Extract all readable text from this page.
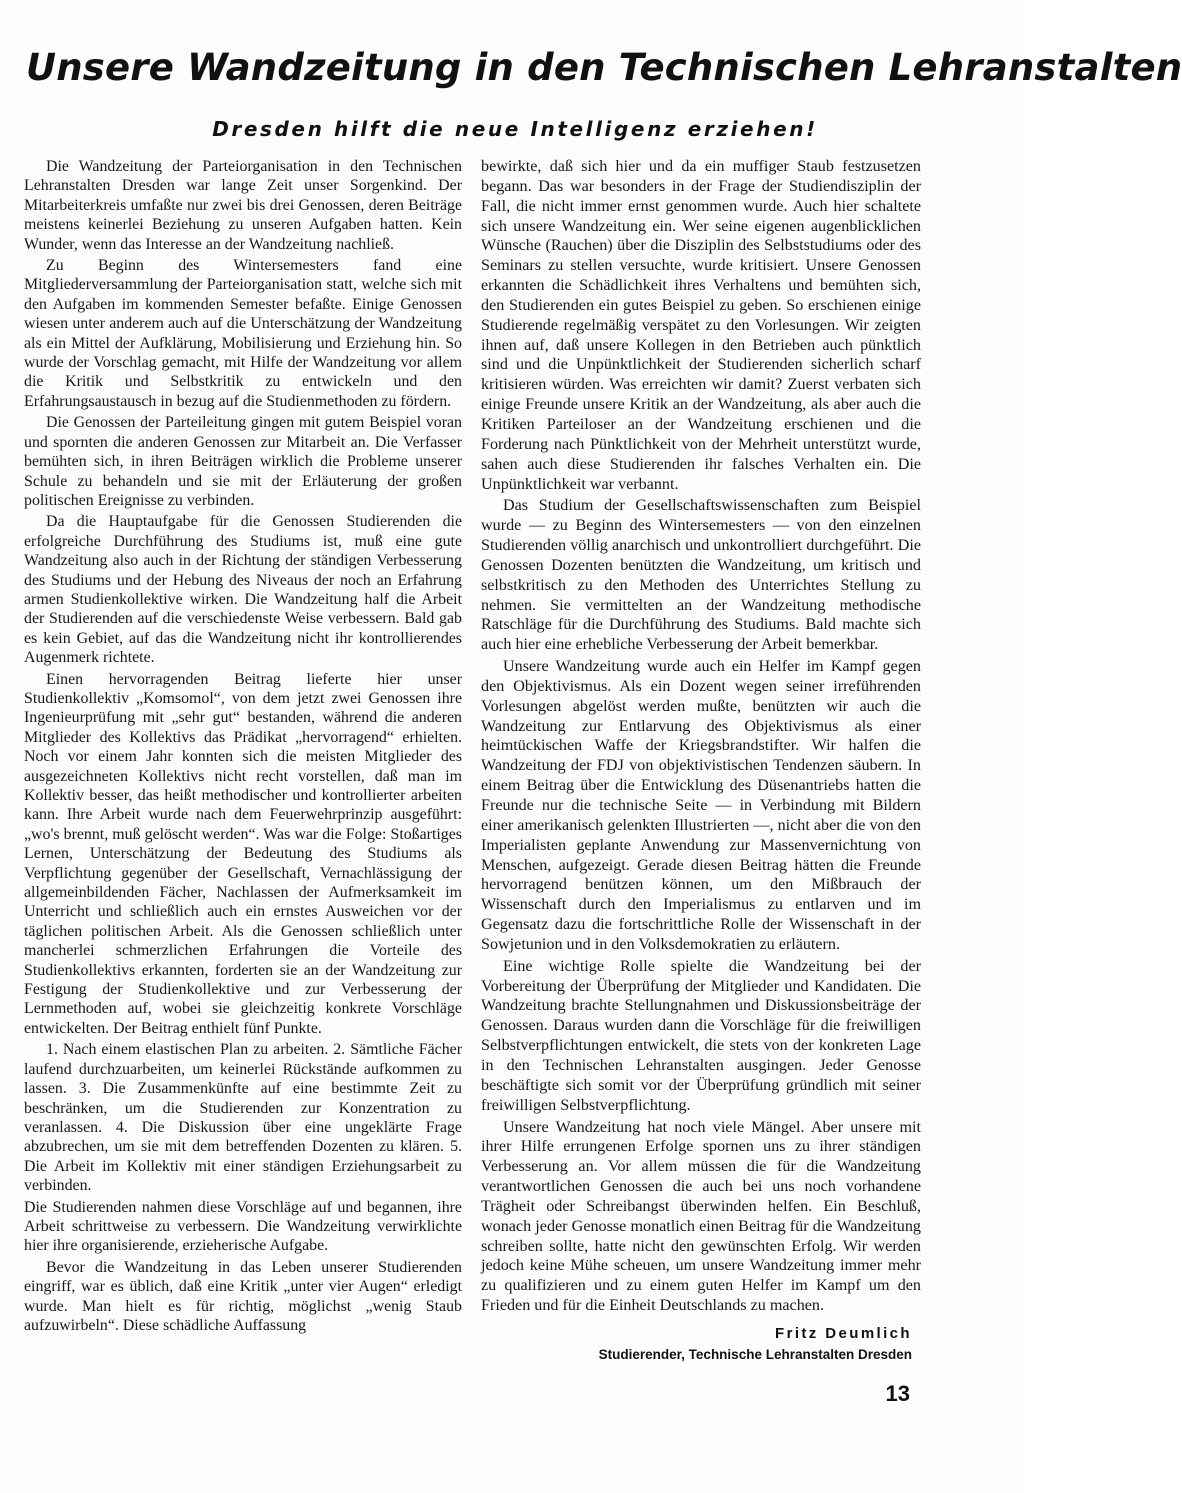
Unsere Wandzeitung in den Technischen Lehranstalten
Dresden hilft die neue Intelligenz erziehen!

Die Wandzeitung der Parteiorganisation in den Technischen Lehranstalten Dresden war lange Zeit unser Sorgenkind. Der Mitarbeiterkreis umfaßte nur zwei bis drei Genossen, deren Beiträge meistens keinerlei Beziehung zu unseren Aufgaben hatten. Kein Wunder, wenn das Interesse an der Wandzeitung nachließ.

Zu Beginn des Wintersemesters fand eine Mitgliederversammlung der Parteiorganisation statt, welche sich mit den Aufgaben im kommenden Semester befaßte. Einige Genossen wiesen unter anderem auch auf die Unterschätzung der Wandzeitung als ein Mittel der Aufklärung, Mobilisierung und Erziehung hin. So wurde der Vorschlag gemacht, mit Hilfe der Wandzeitung vor allem die Kritik und Selbstkritik zu entwickeln und den Erfahrungsaustausch in bezug auf die Studienmethoden zu fördern.

Die Genossen der Parteileitung gingen mit gutem Beispiel voran und spornten die anderen Genossen zur Mitarbeit an. Die Verfasser bemühten sich, in ihren Beiträgen wirklich die Probleme unserer Schule zu behandeln und sie mit der Erläuterung der großen politischen Ereignisse zu verbinden.

Da die Hauptaufgabe für die Genossen Studierenden die erfolgreiche Durchführung des Studiums ist, muß eine gute Wandzeitung also auch in der Richtung der ständigen Verbesserung des Studiums und der Hebung des Niveaus der noch an Erfahrung armen Studienkollektive wirken. Die Wandzeitung half die Arbeit der Studierenden auf die verschiedenste Weise verbessern. Bald gab es kein Gebiet, auf das die Wandzeitung nicht ihr kontrollierendes Augenmerk richtete.

Einen hervorragenden Beitrag lieferte hier unser Studienkollektiv „Komsomol“, von dem jetzt zwei Genossen ihre Ingenieurprüfung mit „sehr gut“ bestanden, während die anderen Mitglieder des Kollektivs das Prädikat „hervorragend“ erhielten. Noch vor einem Jahr konnten sich die meisten Mitglieder des ausgezeichneten Kollektivs nicht recht vorstellen, daß man im Kollektiv besser, das heißt methodischer und kontrollierter arbeiten kann. Ihre Arbeit wurde nach dem Feuerwehrprinzip ausgeführt: „wo's brennt, muß gelöscht werden“. Was war die Folge: Stoßartiges Lernen, Unterschätzung der Bedeutung des Studiums als Verpflichtung gegenüber der Gesellschaft, Vernachlässigung der allgemeinbildenden Fächer, Nachlassen der Aufmerksamkeit im Unterricht und schließlich auch ein ernstes Ausweichen vor der täglichen politischen Arbeit. Als die Genossen schließlich unter mancherlei schmerzlichen Erfahrungen die Vorteile des Studienkollektivs erkannten, forderten sie an der Wandzeitung zur Festigung der Studienkollektive und zur Verbesserung der Lernmethoden auf, wobei sie gleichzeitig konkrete Vorschläge entwickelten. Der Beitrag enthielt fünf Punkte.

1. Nach einem elastischen Plan zu arbeiten. 2. Sämtliche Fächer laufend durchzuarbeiten, um keinerlei Rückstände aufkommen zu lassen. 3. Die Zusammenkünfte auf eine bestimmte Zeit zu beschränken, um die Studierenden zur Konzentration zu veranlassen. 4. Die Diskussion über eine ungeklärte Frage abzubrechen, um sie mit dem betreffenden Dozenten zu klären. 5. Die Arbeit im Kollektiv mit einer ständigen Erziehungsarbeit zu verbinden.

Die Studierenden nahmen diese Vorschläge auf und begannen, ihre Arbeit schrittweise zu verbessern. Die Wandzeitung verwirklichte hier ihre organisierende, erzieherische Aufgabe.

Bevor die Wandzeitung in das Leben unserer Studierenden eingriff, war es üblich, daß eine Kritik „unter vier Augen“ erledigt wurde. Man hielt es für richtig, möglichst „wenig Staub aufzuwirbeln“. Diese schädliche Auffassung

bewirkte, daß sich hier und da ein muffiger Staub festzusetzen begann. Das war besonders in der Frage der Studiendisziplin der Fall, die nicht immer ernst genommen wurde. Auch hier schaltete sich unsere Wandzeitung ein. Wer seine eigenen augenblicklichen Wünsche (Rauchen) über die Disziplin des Selbststudiums oder des Seminars zu stellen versuchte, wurde kritisiert. Unsere Genossen erkannten die Schädlichkeit ihres Verhaltens und bemühten sich, den Studierenden ein gutes Beispiel zu geben. So erschienen einige Studierende regelmäßig verspätet zu den Vorlesungen. Wir zeigten ihnen auf, daß unsere Kollegen in den Betrieben auch pünktlich sind und die Unpünktlichkeit der Studierenden sicherlich scharf kritisieren würden. Was erreichten wir damit? Zuerst verbaten sich einige Freunde unsere Kritik an der Wandzeitung, als aber auch die Kritiken Parteiloser an der Wandzeitung erschienen und die Forderung nach Pünktlichkeit von der Mehrheit unterstützt wurde, sahen auch diese Studierenden ihr falsches Verhalten ein. Die Unpünktlichkeit war verbannt.

Das Studium der Gesellschaftswissenschaften zum Beispiel wurde — zu Beginn des Wintersemesters — von den einzelnen Studierenden völlig anarchisch und unkontrolliert durchgeführt. Die Genossen Dozenten benützten die Wandzeitung, um kritisch und selbstkritisch zu den Methoden des Unterrichtes Stellung zu nehmen. Sie vermittelten an der Wandzeitung methodische Ratschläge für die Durchführung des Studiums. Bald machte sich auch hier eine erhebliche Verbesserung der Arbeit bemerkbar.

Unsere Wandzeitung wurde auch ein Helfer im Kampf gegen den Objektivismus. Als ein Dozent wegen seiner irreführenden Vorlesungen abgelöst werden mußte, benützten wir auch die Wandzeitung zur Entlarvung des Objektivismus als einer heimtückischen Waffe der Kriegsbrandstifter. Wir halfen die Wandzeitung der FDJ von objektivistischen Tendenzen säubern. In einem Beitrag über die Entwicklung des Düsenantriebs hatten die Freunde nur die technische Seite — in Verbindung mit Bildern einer amerikanisch gelenkten Illustrierten —, nicht aber die von den Imperialisten geplante Anwendung zur Massenvernichtung von Menschen, aufgezeigt. Gerade diesen Beitrag hätten die Freunde hervorragend benützen können, um den Mißbrauch der Wissenschaft durch den Imperialismus zu entlarven und im Gegensatz dazu die fortschrittliche Rolle der Wissenschaft in der Sowjetunion und in den Volksdemokratien zu erläutern.

Eine wichtige Rolle spielte die Wandzeitung bei der Vorbereitung der Überprüfung der Mitglieder und Kandidaten. Die Wandzeitung brachte Stellungnahmen und Diskussionsbeiträge der Genossen. Daraus wurden dann die Vorschläge für die freiwilligen Selbstverpflichtungen entwickelt, die stets von der konkreten Lage in den Technischen Lehranstalten ausgingen. Jeder Genosse beschäftigte sich somit vor der Überprüfung gründlich mit seiner freiwilligen Selbstverpflichtung.

Unsere Wandzeitung hat noch viele Mängel. Aber unsere mit ihrer Hilfe errungenen Erfolge spornen uns zu ihrer ständigen Verbesserung an. Vor allem müssen die für die Wandzeitung verantwortlichen Genossen die auch bei uns noch vorhandene Trägheit oder Schreibangst überwinden helfen. Ein Beschluß, wonach jeder Genosse monatlich einen Beitrag für die Wandzeitung schreiben sollte, hatte nicht den gewünschten Erfolg. Wir werden jedoch keine Mühe scheuen, um unsere Wandzeitung immer mehr zu qualifizieren und zu einem guten Helfer im Kampf um den Frieden und für die Einheit Deutschlands zu machen.

Fritz Deumlich
Studierender, Technische Lehranstalten Dresden
13
